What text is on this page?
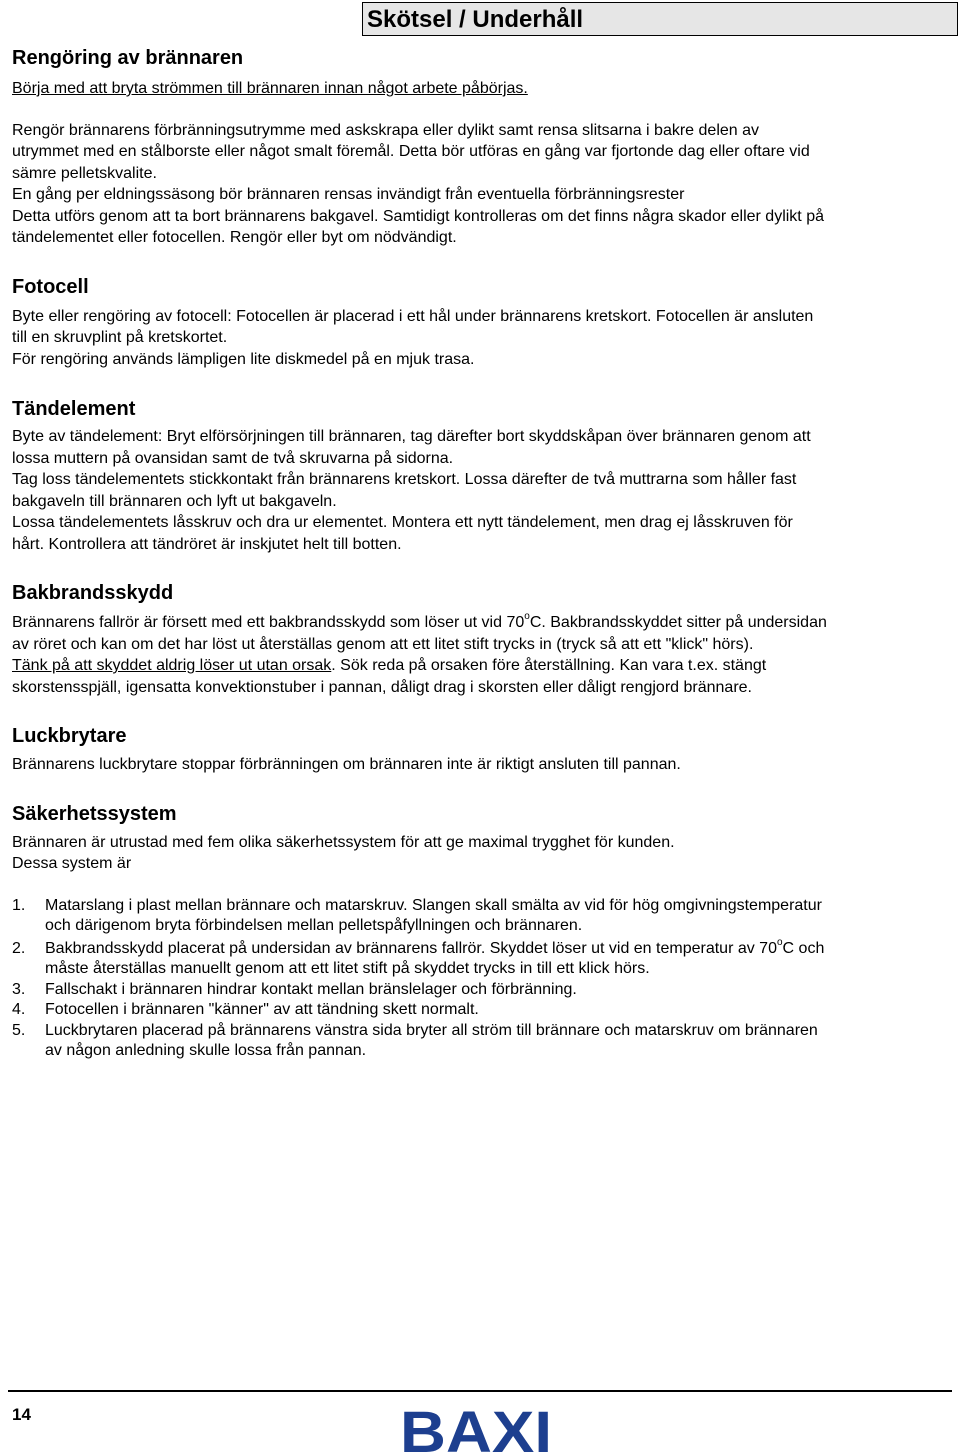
Skötsel / Underhåll
Rengöring av brännaren
Börja med att bryta strömmen till brännaren innan något arbete påbörjas.
Rengör brännarens förbränningsutrymme med askskrapa eller dylikt samt rensa slitsarna i bakre delen av
utrymmet med en stålborste eller något smalt föremål. Detta bör utföras en gång var fjortonde dag eller oftare vid
sämre pelletskvalite.
En gång per eldningssäsong bör brännaren rensas invändigt från eventuella förbränningsrester
Detta utförs genom att ta bort brännarens bakgavel. Samtidigt kontrolleras om det finns några skador eller dylikt på
tändelementet eller fotocellen. Rengör eller byt om nödvändigt.
Fotocell
Byte eller rengöring av fotocell: Fotocellen är placerad i ett hål under brännarens kretskort. Fotocellen är ansluten
till en skruvplint på kretskortet.
För rengöring används lämpligen lite diskmedel på en mjuk trasa.
Tändelement
Byte av tändelement: Bryt elförsörjningen till brännaren, tag därefter bort skyddskåpan över brännaren genom att
lossa muttern på ovansidan samt de två skruvarna på sidorna.
Tag loss tändelementets stickkontakt från brännarens kretskort. Lossa därefter de två muttrarna som håller fast
bakgaveln till brännaren och lyft ut bakgaveln.
Lossa tändelementets låsskruv och dra ur elementet. Montera ett nytt tändelement, men drag ej låsskruven för
hårt. Kontrollera att tändröret är inskjutet helt till botten.
Bakbrandsskydd
Brännarens fallrör är försett med ett bakbrandsskydd som löser ut vid 70$^o$C. Bakbrandsskyddet sitter på undersidan
av röret och kan om det har löst ut återställas genom att ett litet stift trycks in (tryck så att ett "klick" hörs).
Tänk på att skyddet aldrig löser ut utan orsak. Sök reda på orsaken före återställning. Kan vara t.ex. stängt
skorstensspjäll, igensatta konvektionstuber i pannan, dåligt drag i skorsten eller dåligt rengjord brännare.
Luckbrytare
Brännarens luckbrytare stoppar förbränningen om brännaren inte är riktigt ansluten till pannan.
Säkerhetssystem
Brännaren är utrustad med fem olika säkerhetssystem för att ge maximal trygghet för kunden.
Dessa system är
1. Matarslang i plast mellan brännare och matarskruv. Slangen skall smälta av vid för hög omgivningstemperatur
och därigenom bryta förbindelsen mellan pelletspåfyllningen och brännaren.
2. Bakbrandsskydd placerat på undersidan av brännarens fallrör. Skyddet löser ut vid en temperatur av 70$^o$C och
måste återställas manuellt genom att ett litet stift på skyddet trycks in till ett klick hörs.
3. Fallschakt i brännaren hindrar kontakt mellan bränslelager och förbränning.
4. Fotocellen i brännaren "känner" av att tändning skett normalt.
5. Luckbrytaren placerad på brännarens vänstra sida bryter all ström till brännare och matarskruv om brännaren
av någon anledning skulle lossa från pannan.
14	BAXI
